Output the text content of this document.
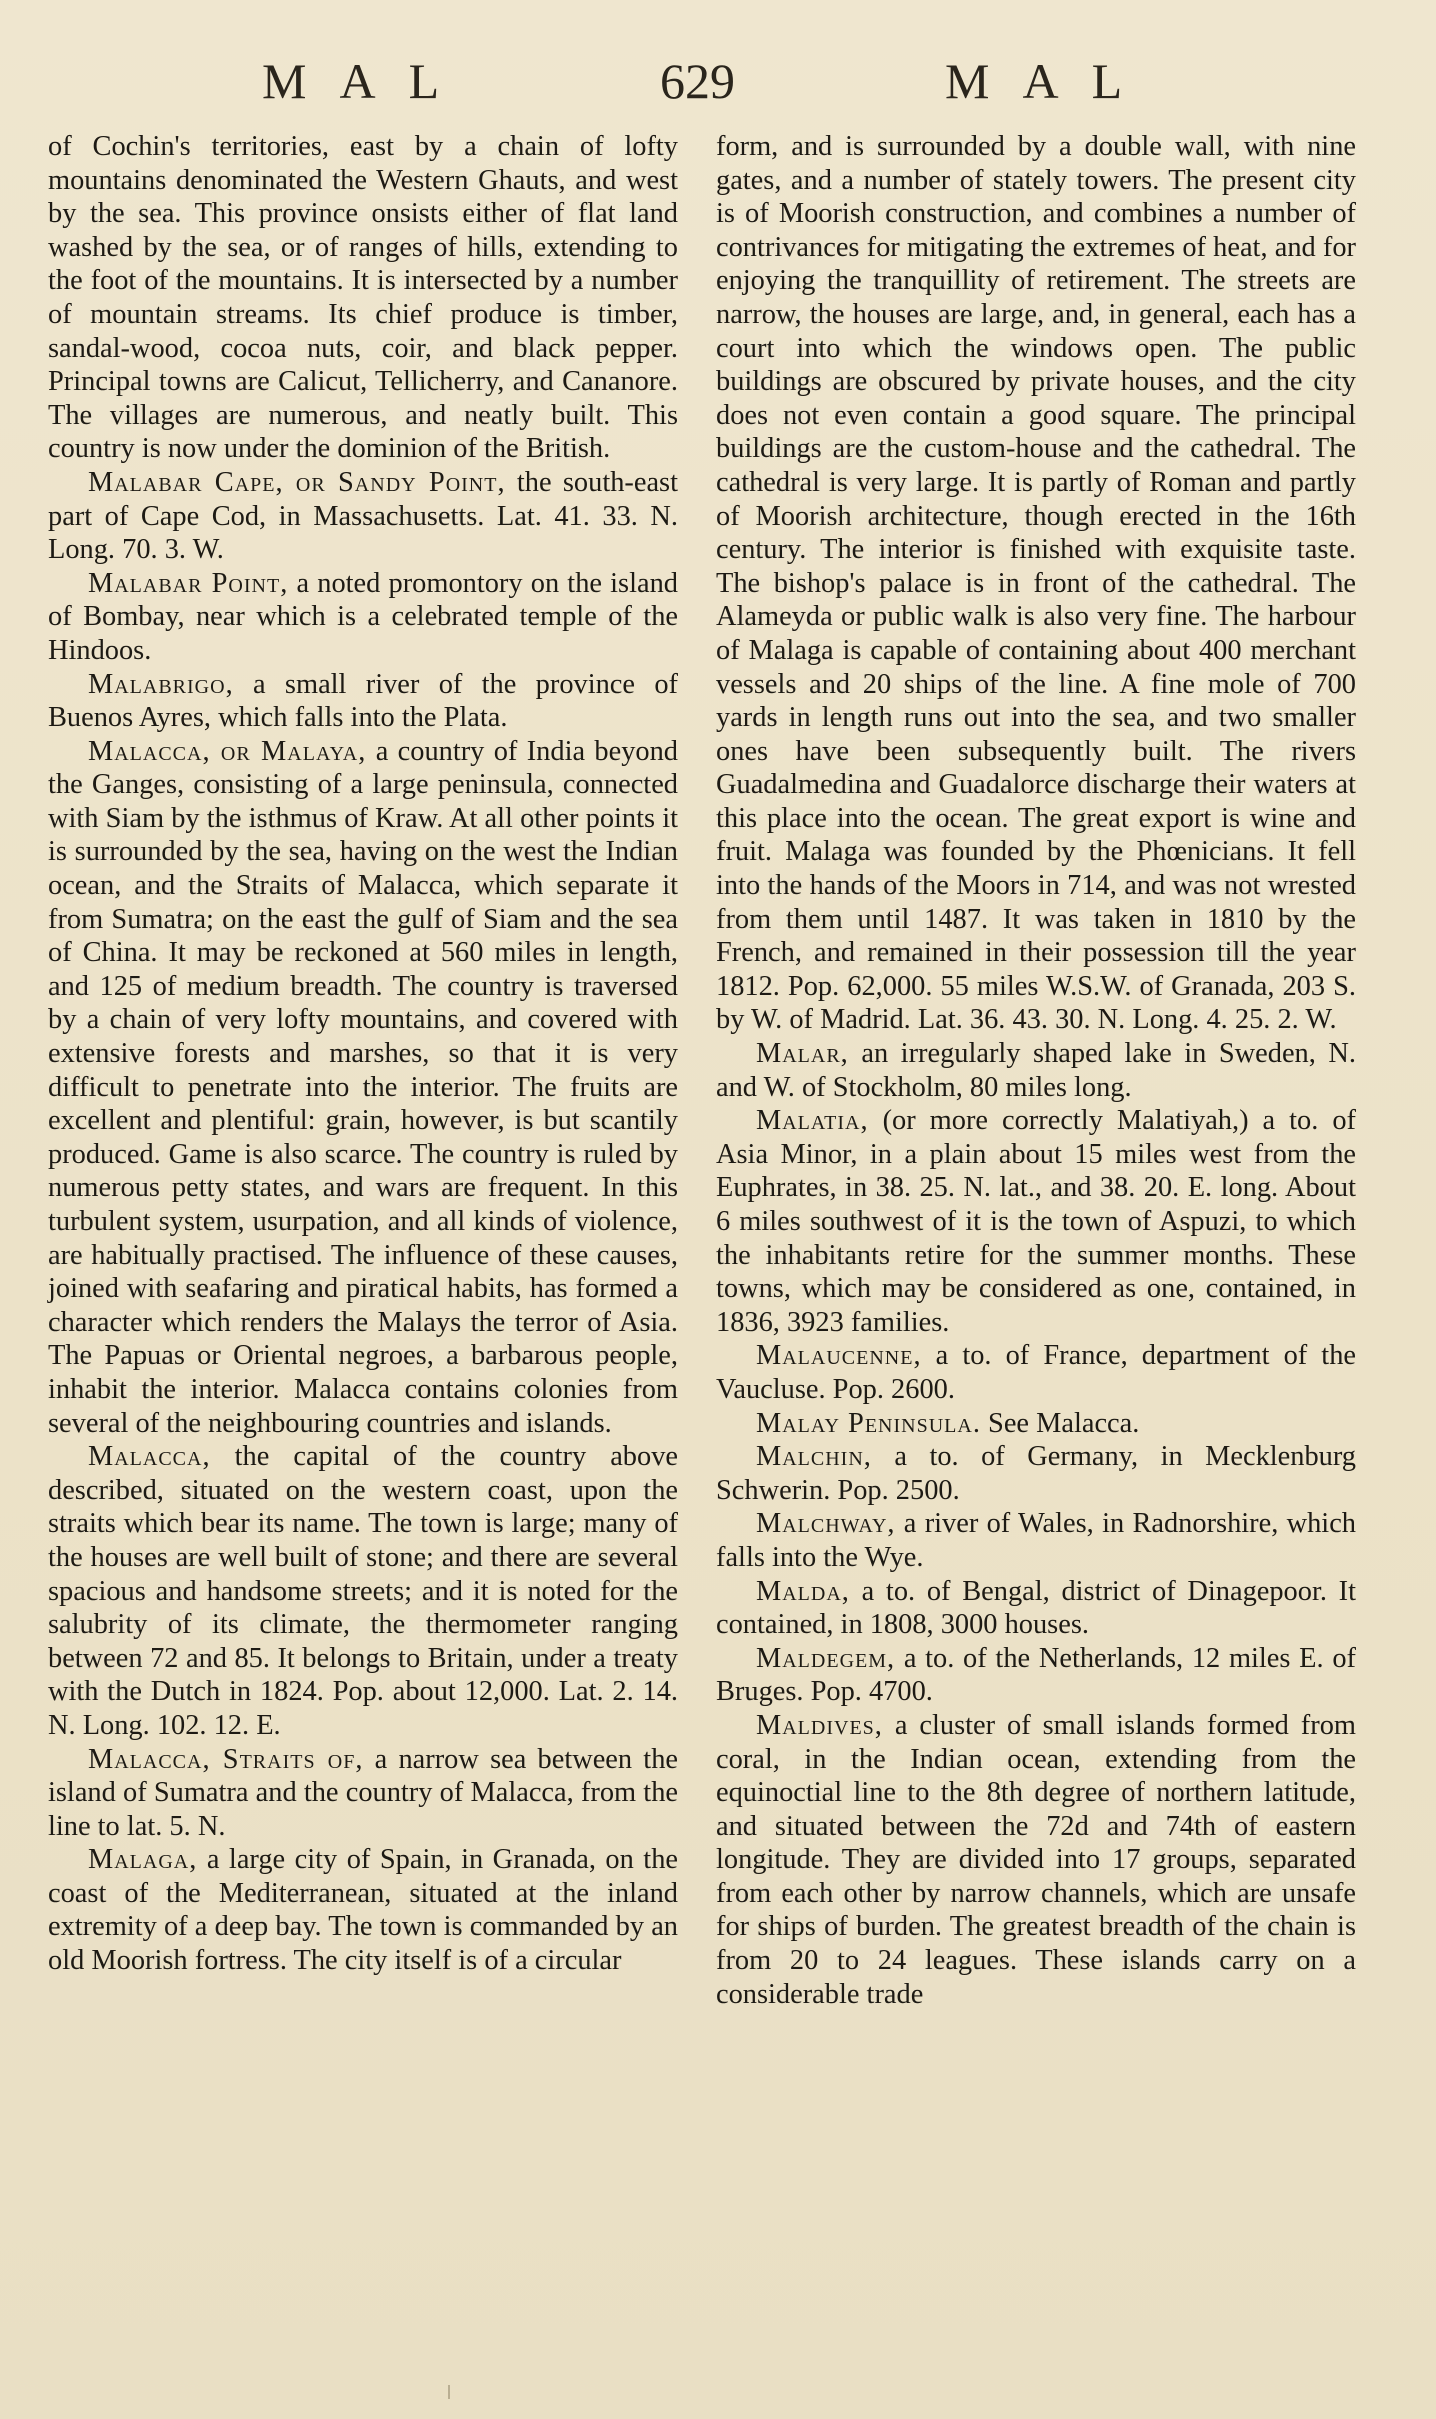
MAL	629	MAL

of Cochin's territories, east by a chain of lofty mountains denominated the Western Ghauts, and west by the sea. This province onsists either of flat land washed by the sea, or of ranges of hills, extending to the foot of the mountains. It is intersected by a number of mountain streams. Its chief produce is timber, sandal-wood, cocoa nuts, coir, and black pepper. Principal towns are Calicut, Tellicherry, and Cananore. The villages are numerous, and neatly built. This country is now under the dominion of the British.

Malabar Cape, or Sandy Point, the south-east part of Cape Cod, in Massachusetts. Lat. 41. 33. N. Long. 70. 3. W.

Malabar Point, a noted promontory on the island of Bombay, near which is a celebrated temple of the Hindoos.

Malabrigo, a small river of the province of Buenos Ayres, which falls into the Plata.

Malacca, or Malaya, a country of India beyond the Ganges, consisting of a large peninsula, connected with Siam by the isthmus of Kraw. At all other points it is surrounded by the sea, having on the west the Indian ocean, and the Straits of Malacca, which separate it from Sumatra; on the east the gulf of Siam and the sea of China. It may be reckoned at 560 miles in length, and 125 of medium breadth. The country is traversed by a chain of very lofty mountains, and covered with extensive forests and marshes, so that it is very difficult to penetrate into the interior. The fruits are excellent and plentiful: grain, however, is but scantily produced. Game is also scarce. The country is ruled by numerous petty states, and wars are frequent. In this turbulent system, usurpation, and all kinds of violence, are habitually practised. The influence of these causes, joined with seafaring and piratical habits, has formed a character which renders the Malays the terror of Asia. The Papuas or Oriental negroes, a barbarous people, inhabit the interior. Malacca contains colonies from several of the neighbouring countries and islands.

Malacca, the capital of the country above described, situated on the western coast, upon the straits which bear its name. The town is large; many of the houses are well built of stone; and there are several spacious and handsome streets; and it is noted for the salubrity of its climate, the thermometer ranging between 72 and 85. It belongs to Britain, under a treaty with the Dutch in 1824. Pop. about 12,000. Lat. 2. 14. N. Long. 102. 12. E.

Malacca, Straits of, a narrow sea between the island of Sumatra and the country of Malacca, from the line to lat. 5. N.

Malaga, a large city of Spain, in Granada, on the coast of the Mediterranean, situated at the inland extremity of a deep bay. The town is commanded by an old Moorish fortress. The city itself is of a circular

form, and is surrounded by a double wall, with nine gates, and a number of stately towers. The present city is of Moorish construction, and combines a number of contrivances for mitigating the extremes of heat, and for enjoying the tranquillity of retirement. The streets are narrow, the houses are large, and, in general, each has a court into which the windows open. The public buildings are obscured by private houses, and the city does not even contain a good square. The principal buildings are the custom-house and the cathedral. The cathedral is very large. It is partly of Roman and partly of Moorish architecture, though erected in the 16th century. The interior is finished with exquisite taste. The bishop's palace is in front of the cathedral. The Alameyda or public walk is also very fine. The harbour of Malaga is capable of containing about 400 merchant vessels and 20 ships of the line. A fine mole of 700 yards in length runs out into the sea, and two smaller ones have been subsequently built. The rivers Guadalmedina and Guadalorce discharge their waters at this place into the ocean. The great export is wine and fruit. Malaga was founded by the Phœnicians. It fell into the hands of the Moors in 714, and was not wrested from them until 1487. It was taken in 1810 by the French, and remained in their possession till the year 1812. Pop. 62,000. 55 miles W.S.W. of Granada, 203 S. by W. of Madrid. Lat. 36. 43. 30. N. Long. 4. 25. 2. W.

Malar, an irregularly shaped lake in Sweden, N. and W. of Stockholm, 80 miles long.

Malatia, (or more correctly Malatiyah,) a to. of Asia Minor, in a plain about 15 miles west from the Euphrates, in 38. 25. N. lat., and 38. 20. E. long. About 6 miles southwest of it is the town of Aspuzi, to which the inhabitants retire for the summer months. These towns, which may be considered as one, contained, in 1836, 3923 families.

Malaucenne, a to. of France, department of the Vaucluse. Pop. 2600.

Malay Peninsula. See Malacca.

Malchin, a to. of Germany, in Mecklenburg Schwerin. Pop. 2500.

Malchway, a river of Wales, in Radnorshire, which falls into the Wye.

Malda, a to. of Bengal, district of Dinagepoor. It contained, in 1808, 3000 houses.

Maldegem, a to. of the Netherlands, 12 miles E. of Bruges. Pop. 4700.

Maldives, a cluster of small islands formed from coral, in the Indian ocean, extending from the equinoctial line to the 8th degree of northern latitude, and situated between the 72d and 74th of eastern longitude. They are divided into 17 groups, separated from each other by narrow channels, which are unsafe for ships of burden. The greatest breadth of the chain is from 20 to 24 leagues. These islands carry on a considerable trade
